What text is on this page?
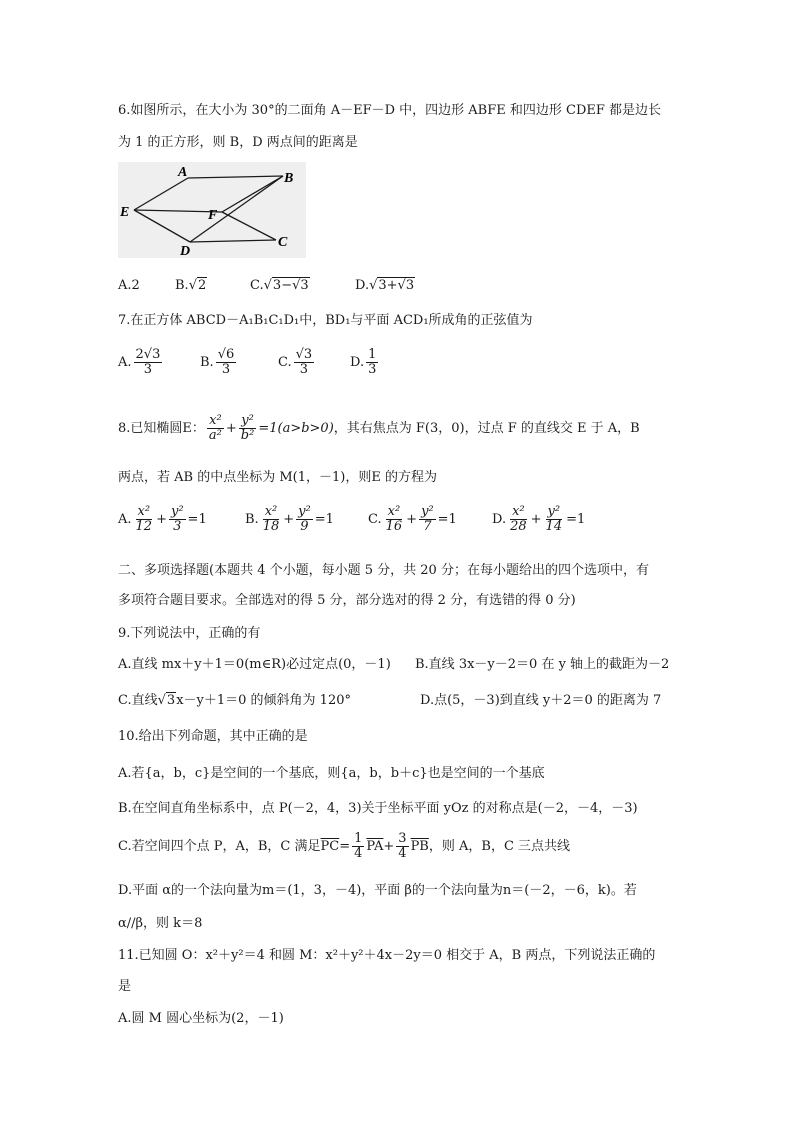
6.如图所示，在大小为 30°的二面角 A－EF－D 中，四边形 ABFE 和四边形 CDEF 都是边长
为 1 的正方形，则 B，D 两点间的距离是
A	B
E	F
C
D
A.2	B.√2	C.√3−√3	D.√3+√3
7.在正方体 ABCD－A₁B₁C₁D₁中，BD₁与平面 ACD₁所成角的正弦值为
A. $\frac{2√3}{3}$	B. $\frac{√6}{3}$	C. $\frac{√3}{3}$	D. $\frac{1}{3}$
8.已知椭圆E： $\frac{\text{x²}}{\text{a²}} + \frac{\text{y²}}{\text{b²}} =1(a>b>0)$，其右焦点为 F(3，0)，过点 F 的直线交 E 于 A，B
两点，若 AB 的中点坐标为 M(1，－1)，则E 的方程为
A. $\frac{\text{x²}}{12} + \frac{\text{y²}}{3} =1$	B. $\frac{\text{x²}}{18} + \frac{\text{y²}}{9} =1$	C. $\frac{\text{x²}}{16} + \frac{\text{y²}}{7} =1$	D. $\frac{\text{x²}}{28} + \frac{\text{y²}}{14} =1$
二、多项选择题(本题共 4 个小题，每小题 5 分，共 20 分；在每小题给出的四个选项中，有
多项符合题目要求。全部选对的得 5 分，部分选对的得 2 分，有选错的得 0 分)
9.下列说法中，正确的有
A.直线 mx＋y＋1＝0(m∈R)必过定点(0，－1) B.直线 3x－y－2＝0 在 y 轴上的截距为－2
C.直线√3x－y＋1＝0 的倾斜角为 120°	D.点(5，－3)到直线 y＋2＝0 的距离为 7
10.给出下列命题，其中正确的是
A.若{a，b，c}是空间的一个基底，则{a，b，b＋c}也是空间的一个基底
B.在空间直角坐标系中，点 P(－2，4，3)关于坐标平面 yOz 的对称点是(－2，－4，－3)
C.若空间四个点 P，A，B，C 满足$\overline{PC}= \frac{1}{4} \overline{PA}+ \frac{3}{4} \overline{PB}$，则 A，B，C 三点共线
D.平面 α的一个法向量为m＝(1，3，－4)，平面 β的一个法向量为n＝(－2，－6，k)。若
α//β，则 k＝8
11.已知圆 O：x²＋y²＝4 和圆 M：x²＋y²＋4x－2y＝0 相交于 A，B 两点，下列说法正确的
是
A.圆 M 圆心坐标为(2，－1)
